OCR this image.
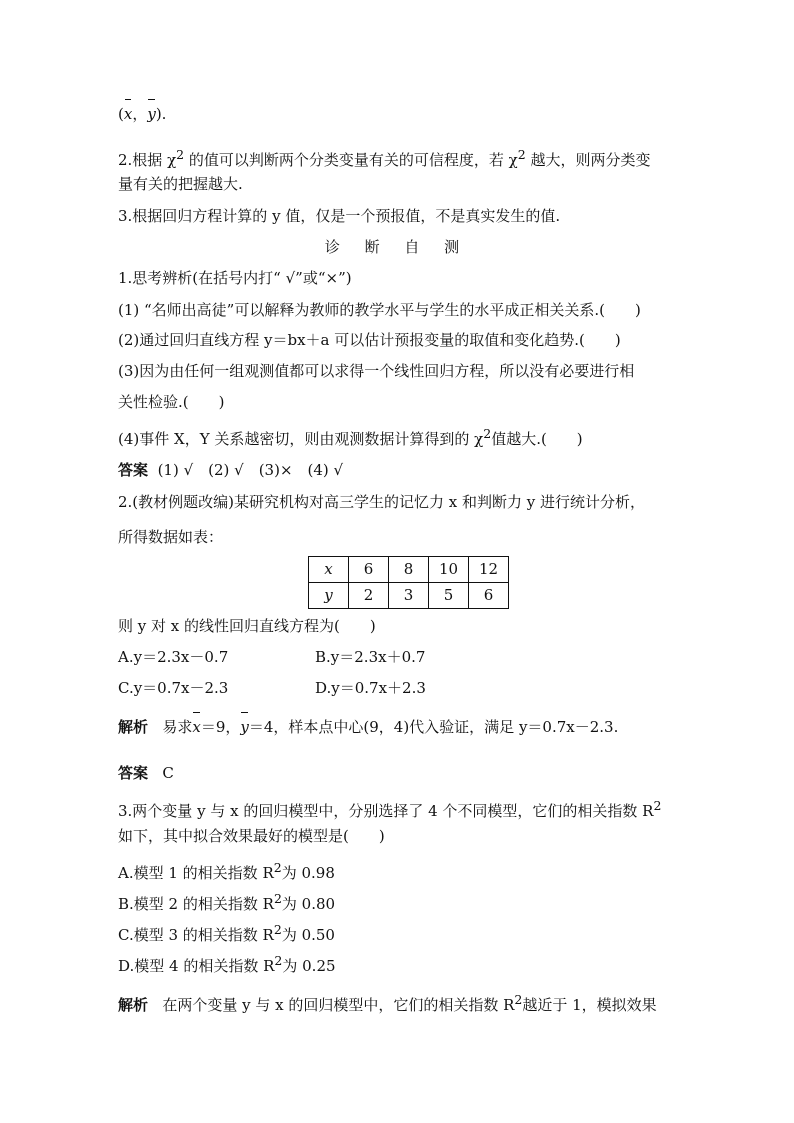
(x，y).
2.根据 $\chi^2$ 的值可以判断两个分类变量有关的可信程度，若 $\chi^2$ 越大，则两分类变
量有关的把握越大.
3.根据回归方程计算的 y 值，仅是一个预报值，不是真实发生的值.
诊 断 自 测
1.思考辨析(在括号内打“ √”或“×”)
(1) “名师出高徒”可以解释为教师的教学水平与学生的水平成正相关关系.(　　)
(2)通过回归直线方程 y＝bx＋a 可以估计预报变量的取值和变化趋势.(　　)
(3)因为由任何一组观测值都可以求得一个线性回归方程，所以没有必要进行相
关性检验.(　　)
(4)事件 X，Y 关系越密切，则由观测数据计算得到的 $\chi^2$值越大.(　　)
答案 (1) √　(2) √　(3)×　(4) √
2.(教材例题改编)某研究机构对高三学生的记忆力 x 和判断力 y 进行统计分析，
所得数据如表：
x	6	8	10	12
y	2	3	5	6
则 y 对 x 的线性回归直线方程为(　　)
A.y＝2.3x－0.7	B.y＝2.3x＋0.7
C.y＝0.7x－2.3	D.y＝0.7x＋2.3
解析 易求x＝9，y＝4，样本点中心(9，4)代入验证，满足 y＝0.7x－2.3.
答案 C
3.两个变量 y 与 x 的回归模型中，分别选择了 4 个不同模型，它们的相关指数 $R^2$
如下，其中拟合效果最好的模型是(　　)
A.模型 1 的相关指数 $R^2$为 0.98
B.模型 2 的相关指数 $R^2$为 0.80
C.模型 3 的相关指数 $R^2$为 0.50
D.模型 4 的相关指数 $R^2$为 0.25
解析 在两个变量 y 与 x 的回归模型中，它们的相关指数 $R^2$越近于 1，模拟效果
